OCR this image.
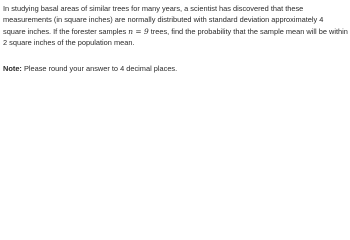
In studying basal areas of similar trees for many years, a scientist has discovered that these measurements (in square inches) are normally distributed with standard deviation approximately 4 square inches. If the forester samples n = 9 trees, find the probability that the sample mean will be within 2 square inches of the population mean.

Note: Please round your answer to 4 decimal places.
